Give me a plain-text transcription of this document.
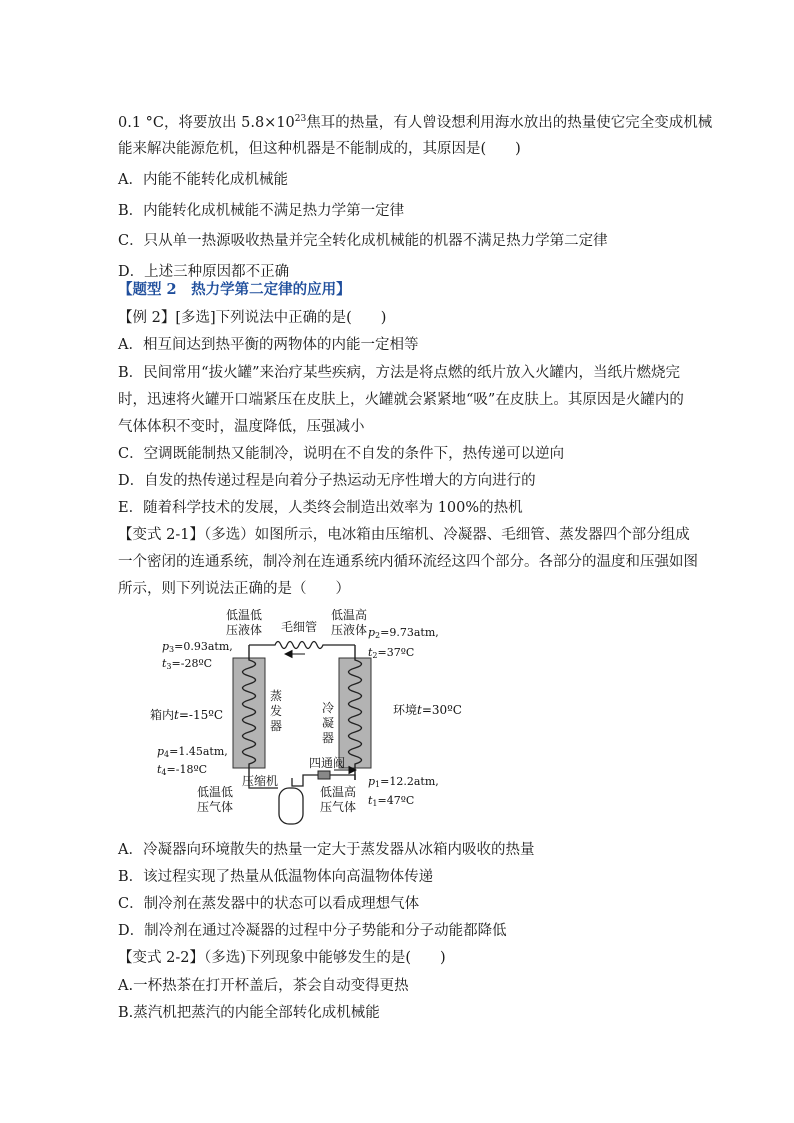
0.1 °C，将要放出 $5.8\times 10^{23}$焦耳的热量，有人曾设想利用海水放出的热量使它完全变成机械
能来解决能源危机，但这种机器是不能制成的，其原因是(　　)
A．内能不能转化成机械能
B．内能转化成机械能不满足热力学第一定律
C．只从单一热源吸收热量并完全转化成机械能的机器不满足热力学第二定律
D．上述三种原因都不正确
【题型 2　热力学第二定律的应用】
【例 2】[多选]下列说法中正确的是(　　)
A．相互间达到热平衡的两物体的内能一定相等
B．民间常用“拔火罐”来治疗某些疾病，方法是将点燃的纸片放入火罐内，当纸片燃烧完
时，迅速将火罐开口端紧压在皮肤上，火罐就会紧紧地“吸”在皮肤上。其原因是火罐内的
气体体积不变时，温度降低，压强减小
C．空调既能制热又能制冷，说明在不自发的条件下，热传递可以逆向
D．自发的热传递过程是向着分子热运动无序性增大的方向进行的
E．随着科学技术的发展，人类终会制造出效率为 100%的热机
【变式 2-1】（多选）如图所示，电冰箱由压缩机、冷凝器、毛细管、蒸发器四个部分组成
一个密闭的连通系统，制冷剂在连通系统内循环流经这四个部分。各部分的温度和压强如图
所示，则下列说法正确的是（　　）
低温低
压液体 毛细管
低温高
压液体
p3=0.93atm,
t3=-28ºC
p2=9.73atm,
t2=37ºC
蒸
发
器
冷
凝
器
箱内t=-15ºC	环境t=30ºC
p4=1.45atm,
t4=-18ºC	四通阀
压缩机	p1=12.2atm,
t1=47ºC
低温低
压气体
低温高
压气体
A．冷凝器向环境散失的热量一定大于蒸发器从冰箱内吸收的热量
B．该过程实现了热量从低温物体向高温物体传递
C．制冷剂在蒸发器中的状态可以看成理想气体
D．制冷剂在通过冷凝器的过程中分子势能和分子动能都降低
【变式 2-2】（多选)下列现象中能够发生的是(　　)
A.一杯热茶在打开杯盖后，茶会自动变得更热
B.蒸汽机把蒸汽的内能全部转化成机械能
